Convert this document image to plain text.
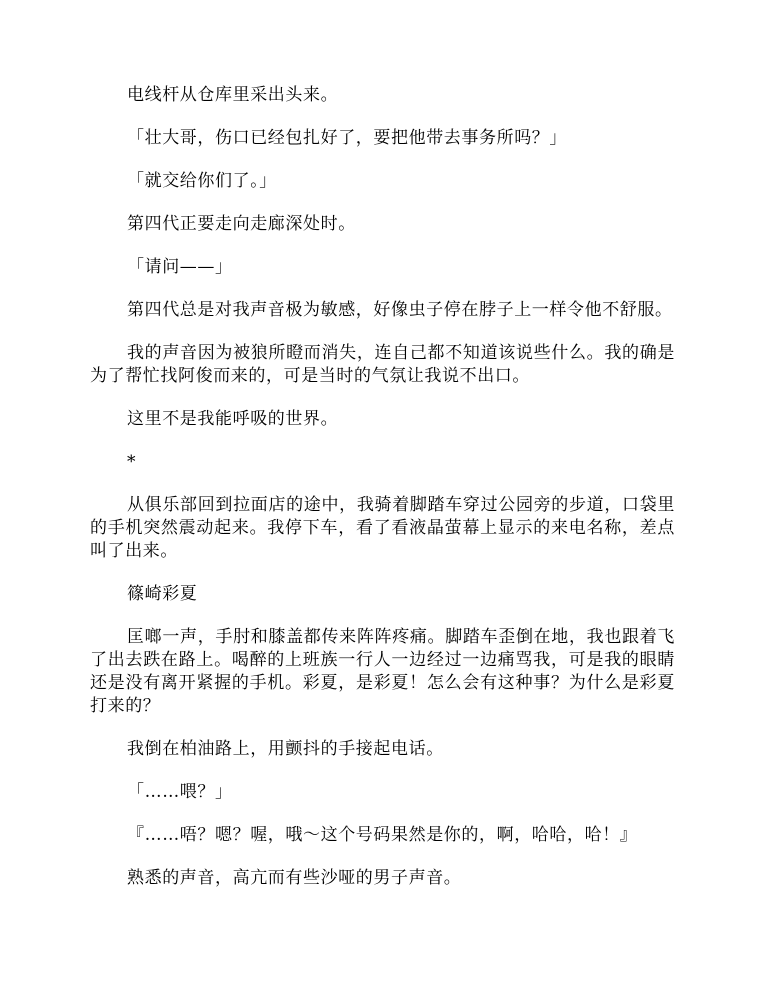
电线杆从仓库里采出头来。

「壮大哥，伤口已经包扎好了，要把他带去事务所吗？」

「就交给你们了。」

第四代正要走向走廊深处时。

「请问——」

第四代总是对我声音极为敏感，好像虫子停在脖子上一样令他不舒服。

我的声音因为被狼所瞪而消失，连自己都不知道该说些什么。我的确是为了帮忙找阿俊而来的，可是当时的气氛让我说不出口。

这里不是我能呼吸的世界。

*

从俱乐部回到拉面店的途中，我骑着脚踏车穿过公园旁的步道，口袋里的手机突然震动起来。我停下车，看了看液晶萤幕上显示的来电名称，差点叫了出来。

篠崎彩夏

匡啷一声，手肘和膝盖都传来阵阵疼痛。脚踏车歪倒在地，我也跟着飞了出去跌在路上。喝醉的上班族一行人一边经过一边痛骂我，可是我的眼睛还是没有离开紧握的手机。彩夏，是彩夏！怎么会有这种事？为什么是彩夏打来的？

我倒在柏油路上，用颤抖的手接起电话。

「……喂？」

『……唔？嗯？喔，哦～这个号码果然是你的，啊，哈哈，哈！』

熟悉的声音，高亢而有些沙哑的男子声音。
